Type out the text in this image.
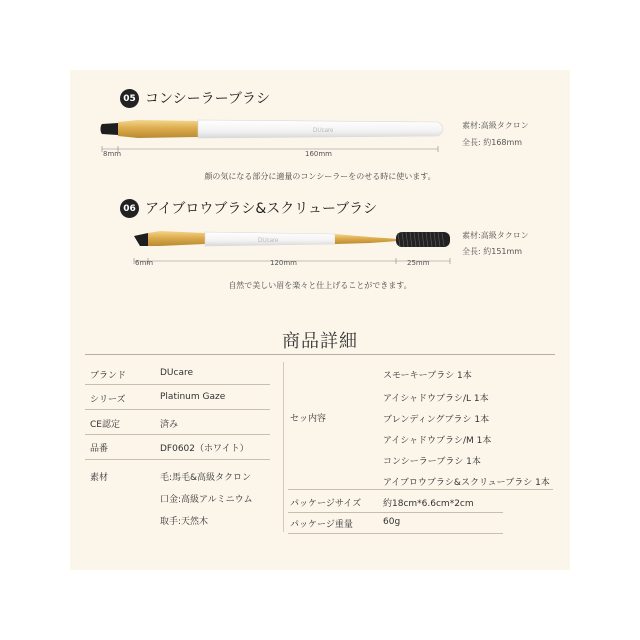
05 コンシーラーブラシ
DUcare
8mm	160mm
素材:高級タクロン
全長: 約168mm
顔の気になる部分に適量のコンシーラーをのせる時に使います。
06 アイブロウブラシ&スクリューブラシ
DUcare
6mm	120mm	25mm
素材:高級タクロン
全長: 約151mm
自然で美しい眉を楽々と仕上げることができます。
商品詳細
ブランド	DUcare
シリーズ	Platinum Gaze
CE認定	済み
品番	DF0602（ホワイト）
素材	毛:馬毛&高級タクロン
口金:高級アルミニウム
取手:天然木
セッ内容
スモーキーブラシ 1本
アイシャドウブラシ/L 1本
ブレンディングブラシ 1本
アイシャドウブラシ/M 1本
コンシーラーブラシ 1本
アイブロウブラシ&スクリューブラシ 1本
パッケージサイズ 約18cm*6.6cm*2cm
パッケージ重量	60g
